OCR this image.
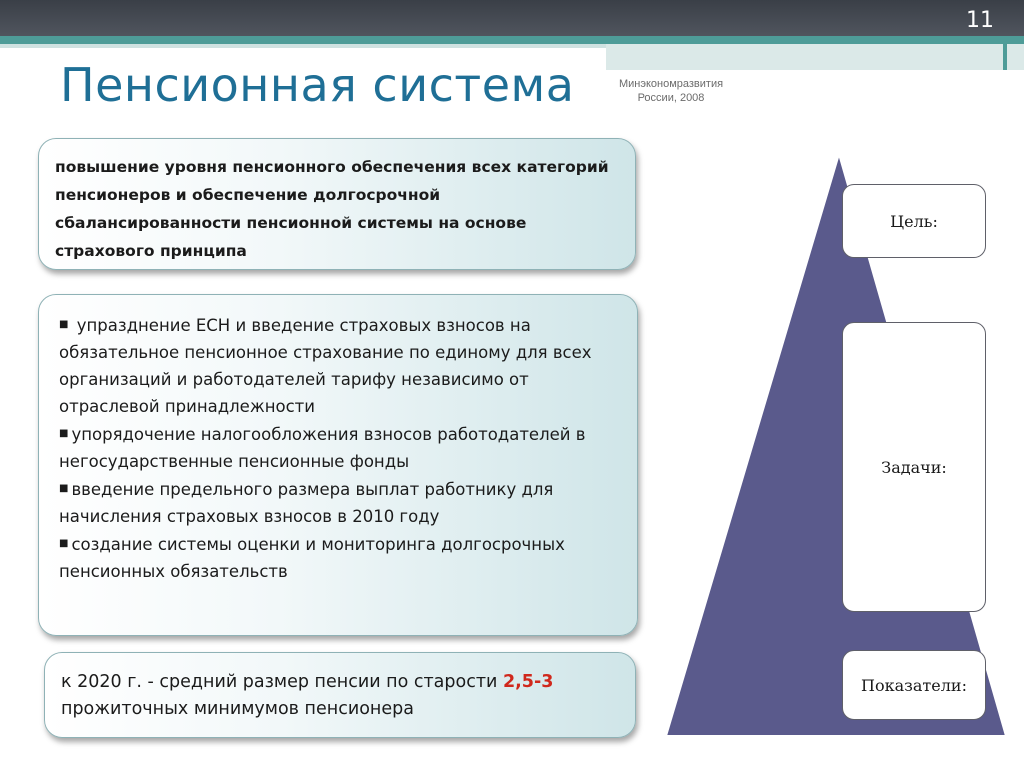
11
Пенсионная система	Минэкономразвития
России, 2008
повышение уровня пенсионного обеспечения всех категорий пенсионеров и обеспечение долгосрочной сбалансированности пенсионной системы на основе страхового принципа
■ упразднение ЕСН и введение страховых взносов на обязательное пенсионное страхование по единому для всех организаций и работодателей тарифу независимо от отраслевой принадлежности
■ упорядочение налогообложения взносов работодателей в негосударственные пенсионные фонды
■ введение предельного размера выплат работнику для начисления страховых взносов в 2010 году
■ создание системы оценки и мониторинга долгосрочных пенсионных обязательств
к 2020 г. - средний размер пенсии по старости 2,5-3 прожиточных минимумов пенсионера
Цель:
Задачи:
Показатели:
